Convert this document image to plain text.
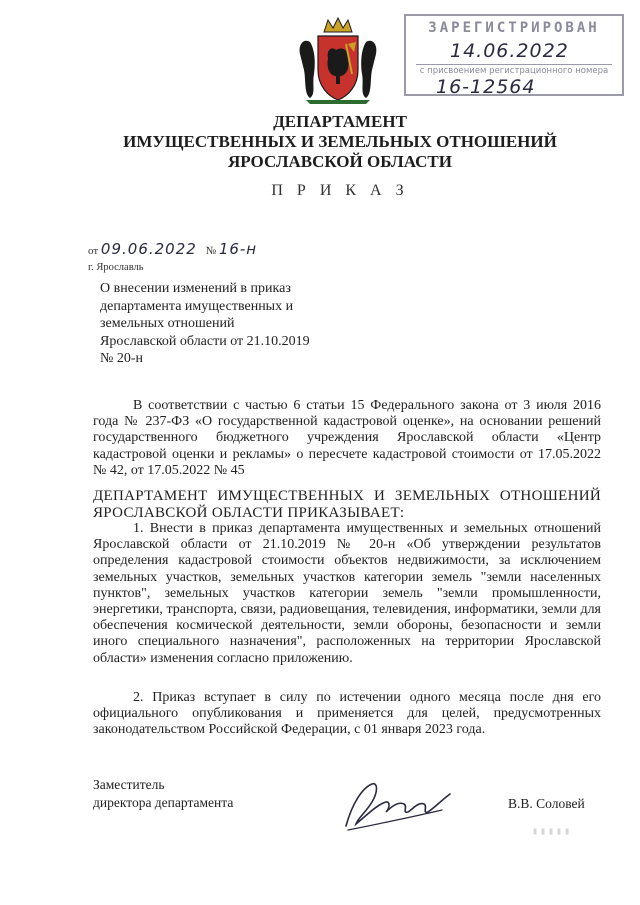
ЗАРЕГИСТРИРОВАН
14.06.2022
с присвоением регистрационного номера
16-12564
ДЕПАРТАМЕНТ
ИМУЩЕСТВЕННЫХ И ЗЕМЕЛЬНЫХ ОТНОШЕНИЙ
ЯРОСЛАВСКОЙ ОБЛАСТИ
П Р И К А З
от 09.06.2022 № 16-н
г. Ярославль
О внесении изменений в приказ
департамента имущественных и
земельных отношений
Ярославской области от 21.10.2019
№ 20-н
В соответствии с частью 6 статьи 15 Федерального закона от 3 июля 2016 года № 237-ФЗ «О государственной кадастровой оценке», на основании решений государственного бюджетного учреждения Ярославской области «Центр кадастровой оценки и рекламы» о пересчете кадастровой стоимости от 17.05.2022 № 42, от 17.05.2022 № 45
ДЕПАРТАМЕНТ ИМУЩЕСТВЕННЫХ И ЗЕМЕЛЬНЫХ ОТНОШЕНИЙ ЯРОСЛАВСКОЙ ОБЛАСТИ ПРИКАЗЫВАЕТ:
1. Внести в приказ департамента имущественных и земельных отношений Ярославской области от 21.10.2019 № 20-н «Об утверждении результатов определения кадастровой стоимости объектов недвижимости, за исключением земельных участков, земельных участков категории земель "земли населенных пунктов", земельных участков категории земель "земли промышленности, энергетики, транспорта, связи, радиовещания, телевидения, информатики, земли для обеспечения космической деятельности, земли обороны, безопасности и земли иного специального назначения", расположенных на территории Ярославской области» изменения согласно приложению.
2. Приказ вступает в силу по истечении одного месяца после дня его официального опубликования и применяется для целей, предусмотренных законодательством Российской Федерации, с 01 января 2023 года.
Заместитель
директора департамента	В.В. Соловей
▮▮▮▮▮
